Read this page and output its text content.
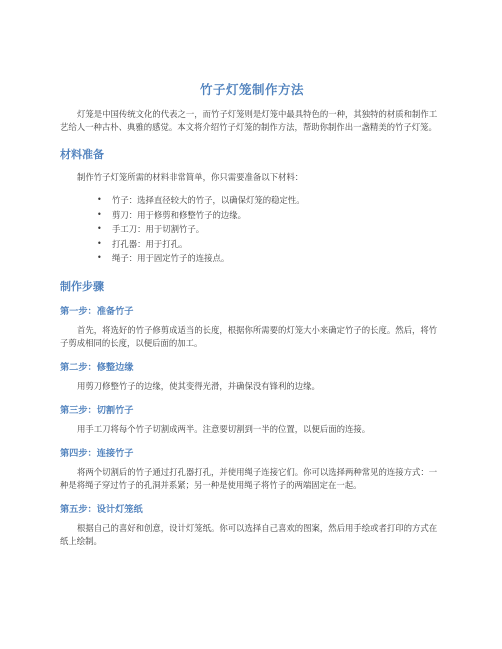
竹子灯笼制作方法

灯笼是中国传统文化的代表之一，而竹子灯笼则是灯笼中最具特色的一种，其独特的材质和制作工艺给人一种古朴、典雅的感觉。本文将介绍竹子灯笼的制作方法，帮助你制作出一盏精美的竹子灯笼。

材料准备

制作竹子灯笼所需的材料非常简单，你只需要准备以下材料：

• 竹子：选择直径较大的竹子，以确保灯笼的稳定性。
• 剪刀：用于修剪和修整竹子的边缘。
• 手工刀：用于切割竹子。
• 打孔器：用于打孔。
• 绳子：用于固定竹子的连接点。
制作步骤
第一步：准备竹子

首先，将选好的竹子修剪成适当的长度，根据你所需要的灯笼大小来确定竹子的长度。然后，将竹子剪成相同的长度，以便后面的加工。

第二步：修整边缘

用剪刀修整竹子的边缘，使其变得光滑，并确保没有锋利的边缘。

第三步：切割竹子

用手工刀将每个竹子切割成两半。注意要切割到一半的位置，以便后面的连接。

第四步：连接竹子

将两个切割后的竹子通过打孔器打孔，并使用绳子连接它们。你可以选择两种常见的连接方式：一种是将绳子穿过竹子的孔洞并系紧；另一种是使用绳子将竹子的两端固定在一起。

第五步：设计灯笼纸

根据自己的喜好和创意，设计灯笼纸。你可以选择自己喜欢的图案，然后用手绘或者打印的方式在纸上绘制。
